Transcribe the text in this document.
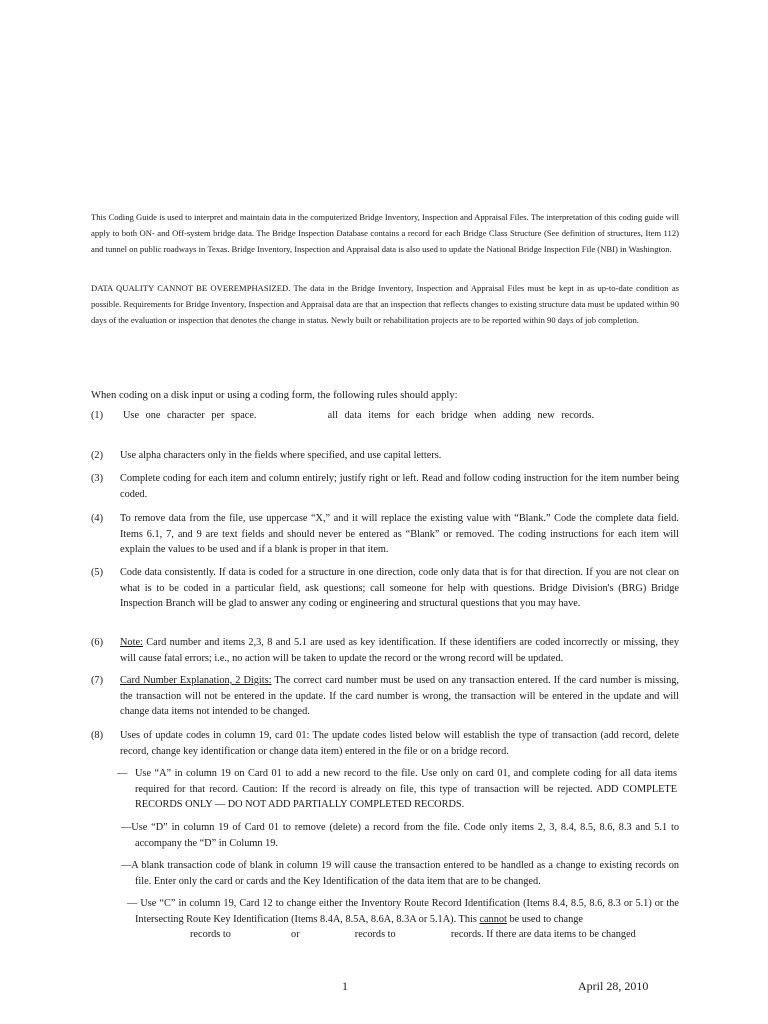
This Coding Guide is used to interpret and maintain data in the computerized Bridge Inventory, Inspection and Appraisal Files. The interpretation of this coding guide will apply to both ON- and Off-system bridge data. The Bridge Inspection Database contains a record for each Bridge Class Structure (See definition of structures, Item 112) and tunnel on public roadways in Texas. Bridge Inventory, Inspection and Appraisal data is also used to update the National Bridge Inspection File (NBI) in Washington.

DATA QUALITY CANNOT BE OVEREMPHASIZED. The data in the Bridge Inventory, Inspection and Appraisal Files must be kept in as up-to-date condition as possible. Requirements for Bridge Inventory, Inspection and Appraisal data are that an inspection that reflects changes to existing structure data must be updated within 90 days of the evaluation or inspection that denotes the change in status. Newly built or rehabilitation projects are to be reported within 90 days of job completion.

When coding on a disk input or using a coding form, the following rules should apply:

(1) Use one character per space.	all data items for each bridge when adding new records.
(2) Use alpha characters only in the fields where specified, and use capital letters.
(3) Complete coding for each item and column entirely; justify right or left. Read and follow coding instruction for the item number being coded.
(4) To remove data from the file, use uppercase “X,” and it will replace the existing value with “Blank.” Code the complete data field. Items 6.1, 7, and 9 are text fields and should never be entered as “Blank” or removed. The coding instructions for each item will explain the values to be used and if a blank is proper in that item.
(5) Code data consistently. If data is coded for a structure in one direction, code only data that is for that direction. If you are not clear on what is to be coded in a particular field, ask questions; call someone for help with questions. Bridge Division's (BRG) Bridge Inspection Branch will be glad to answer any coding or engineering and structural questions that you may have.
(6) Note: Card number and items 2,3, 8 and 5.1 are used as key identification. If these identifiers are coded incorrectly or missing, they will cause fatal errors; i.e., no action will be taken to update the record or the wrong record will be updated.
(7) Card Number Explanation, 2 Digits: The correct card number must be used on any transaction entered. If the card number is missing, the transaction will not be entered in the update. If the card number is wrong, the transaction will be entered in the update and will change data items not intended to be changed.
(8) Uses of update codes in column 19, card 01: The update codes listed below will establish the type of transaction (add record, delete record, change key identification or change data item) entered in the file or on a bridge record.
— Use “A” in column 19 on Card 01 to add a new record to the file. Use only on card 01, and complete coding for all data items required for that record. Caution: If the record is already on file, this type of transaction will be rejected. ADD COMPLETE RECORDS ONLY — DO NOT ADD PARTIALLY COMPLETED RECORDS.
—Use “D” in column 19 of Card 01 to remove (delete) a record from the file. Code only items 2, 3, 8.4, 8.5, 8.6, 8.3 and 5.1 to accompany the “D” in Column 19.
—A blank transaction code of blank in column 19 will cause the transaction entered to be handled as a change to existing records on file. Enter only the card or cards and the Key Identification of the data item that are to be changed.
— Use “C” in column 19, Card 12 to change either the Inventory Route Record Identification (Items 8.4, 8.5, 8.6, 8.3 or 5.1) or the Intersecting Route Key Identification (Items 8.4A, 8.5A, 8.6A, 8.3A or 5.1A). This cannot be used to change
records to	or	records to	records. If there are data items to be changed
1	April 28, 2010
